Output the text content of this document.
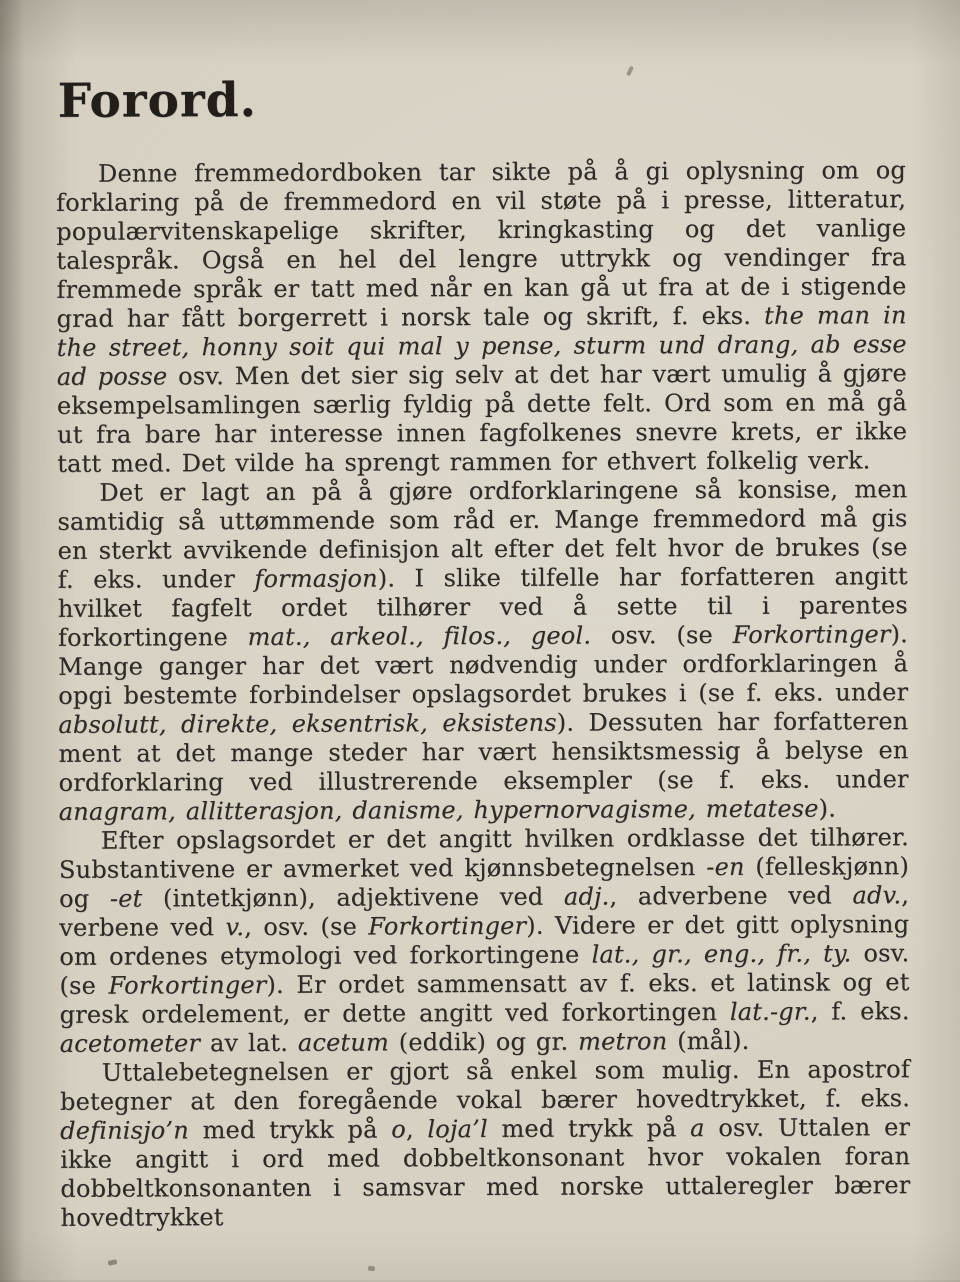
Forord.

Denne fremmedordboken tar sikte på å gi oplysning om og forklaring på de fremmedord en vil støte på i presse, litteratur, populærvitenskapelige skrifter, kringkasting og det vanlige talespråk. Også en hel del lengre uttrykk og vendinger fra fremmede språk er tatt med når en kan gå ut fra at de i stigende grad har fått borgerrett i norsk tale og skrift, f. eks. the man in the street, honny soit qui mal y pense, sturm und drang, ab esse ad posse osv. Men det sier sig selv at det har vært umulig å gjøre eksempelsamlingen særlig fyldig på dette felt. Ord som en må gå ut fra bare har interesse innen fagfolkenes snevre krets, er ikke tatt med. Det vilde ha sprengt rammen for ethvert folkelig verk.

Det er lagt an på å gjøre ordforklaringene så konsise, men samtidig så uttømmende som råd er. Mange fremmedord må gis en sterkt avvikende definisjon alt efter det felt hvor de brukes (se f. eks. under formasjon). I slike tilfelle har forfatteren angitt hvilket fagfelt ordet tilhører ved å sette til i parentes forkortingene mat., arkeol., filos., geol. osv. (se Forkortinger). Mange ganger har det vært nødvendig under ordforklaringen å opgi bestemte forbindelser opslagsordet brukes i (se f. eks. under absolutt, direkte, eksentrisk, eksistens). Dessuten har forfatteren ment at det mange steder har vært hensiktsmessig å belyse en ordforklaring ved illustrerende eksempler (se f. eks. under anagram, allitterasjon, danisme, hypernorvagisme, metatese).

Efter opslagsordet er det angitt hvilken ordklasse det tilhører. Substantivene er avmerket ved kjønnsbetegnelsen -en (felleskjønn) og -et (intetkjønn), adjektivene ved adj., adverbene ved adv., verbene ved v., osv. (se Forkortinger). Videre er det gitt oplysning om ordenes etymologi ved forkortingene lat., gr., eng., fr., ty. osv. (se Forkortinger). Er ordet sammensatt av f. eks. et latinsk og et gresk ordelement, er dette angitt ved forkortingen lat.-gr., f. eks. acetometer av lat. acetum (eddik) og gr. metron (mål).

Uttalebetegnelsen er gjort så enkel som mulig. En apostrof betegner at den foregående vokal bærer hovedtrykket, f. eks. definisjo’n med trykk på o, loja’l med trykk på a osv. Uttalen er ikke angitt i ord med dobbeltkonsonant hvor vokalen foran dobbeltkonsonanten i samsvar med norske uttaleregler bærer hovedtrykket
